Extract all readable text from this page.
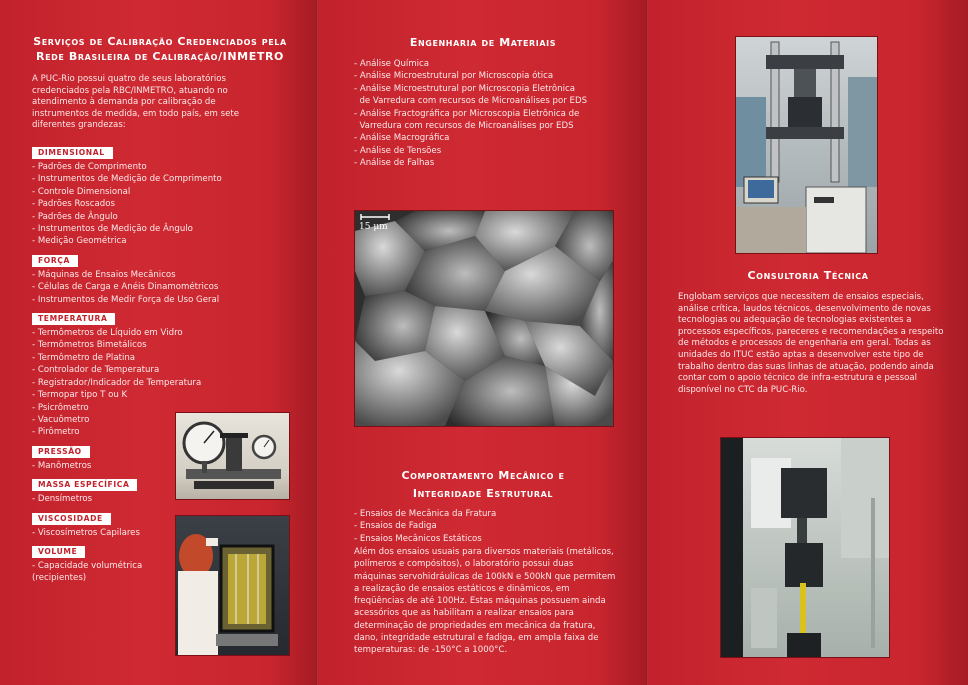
Serviços de Calibração Credenciados pela
Rede Brasileira de Calibração/INMETRO
A PUC-Rio possui quatro de seus laboratórios credenciados pela RBC/INMETRO, atuando no atendimento à demanda por calibração de instrumentos de medida, em todo país, em sete diferentes grandezas:
DIMENSIONAL
- Padrões de Comprimento
- Instrumentos de Medição de Comprimento
- Controle Dimensional
- Padrões Roscados
- Padrões de Ângulo
- Instrumentos de Medição de Ângulo
- Medição Geométrica
FORÇA
- Máquinas de Ensaios Mecânicos
- Células de Carga e Anéis Dinamométricos
- Instrumentos de Medir Força de Uso Geral
TEMPERATURA
- Termômetros de Líquido em Vidro
- Termômetros Bimetálicos
- Termômetro de Platina
- Controlador de Temperatura
- Registrador/Indicador de Temperatura
- Termopar tipo T ou K
- Psicrômetro
- Vacuômetro
- Pirômetro
PRESSÃO
- Manômetros
MASSA ESPECÍFICA
- Densímetros
VISCOSIDADE
- Viscosímetros Capilares
VOLUME
- Capacidade volumétrica
(recipientes)
Engenharia de Materiais
- Análise Química
- Análise Microestrutural por Microscopia ótica
- Análise Microestrutural por Microscopia Eletrônica
de Varredura com recursos de Microanálises por EDS
- Análise Fractográfica por Microscopia Eletrônica de
Varredura com recursos de Microanálises por EDS
- Análise Macrográfica
- Análise de Tensões
- Análise de Falhas
15 μm
Comportamento Mecânico e
Integridade Estrutural
- Ensaios de Mecânica da Fratura
- Ensaios de Fadiga
- Ensaios Mecânicos Estáticos
Além dos ensaios usuais para diversos materiais (metálicos, polímeros e compósitos), o laboratório possui duas máquinas servohidráulicas de 100kN e 500kN que permitem a realização de ensaios estáticos e dinâmicos, em freqüências de até 100Hz. Estas máquinas possuem ainda acessórios que as habilitam a realizar ensaios para determinação de propriedades em mecânica da fratura, dano, integridade estrutural e fadiga, em ampla faixa de temperaturas: de -150°C a 1000°C.
Consultoria Técnica
Englobam serviços que necessitem de ensaios especiais, análise crítica, laudos técnicos, desenvolvimento de novas tecnologias ou adequação de tecnologias existentes a processos específicos, pareceres e recomendações a respeito de métodos e processos de engenharia em geral. Todas as unidades do ITUC estão aptas a desenvolver este tipo de trabalho dentro das suas linhas de atuação, podendo ainda contar com o apoio técnico de infra-estrutura e pessoal disponível no CTC da PUC-Rio.
